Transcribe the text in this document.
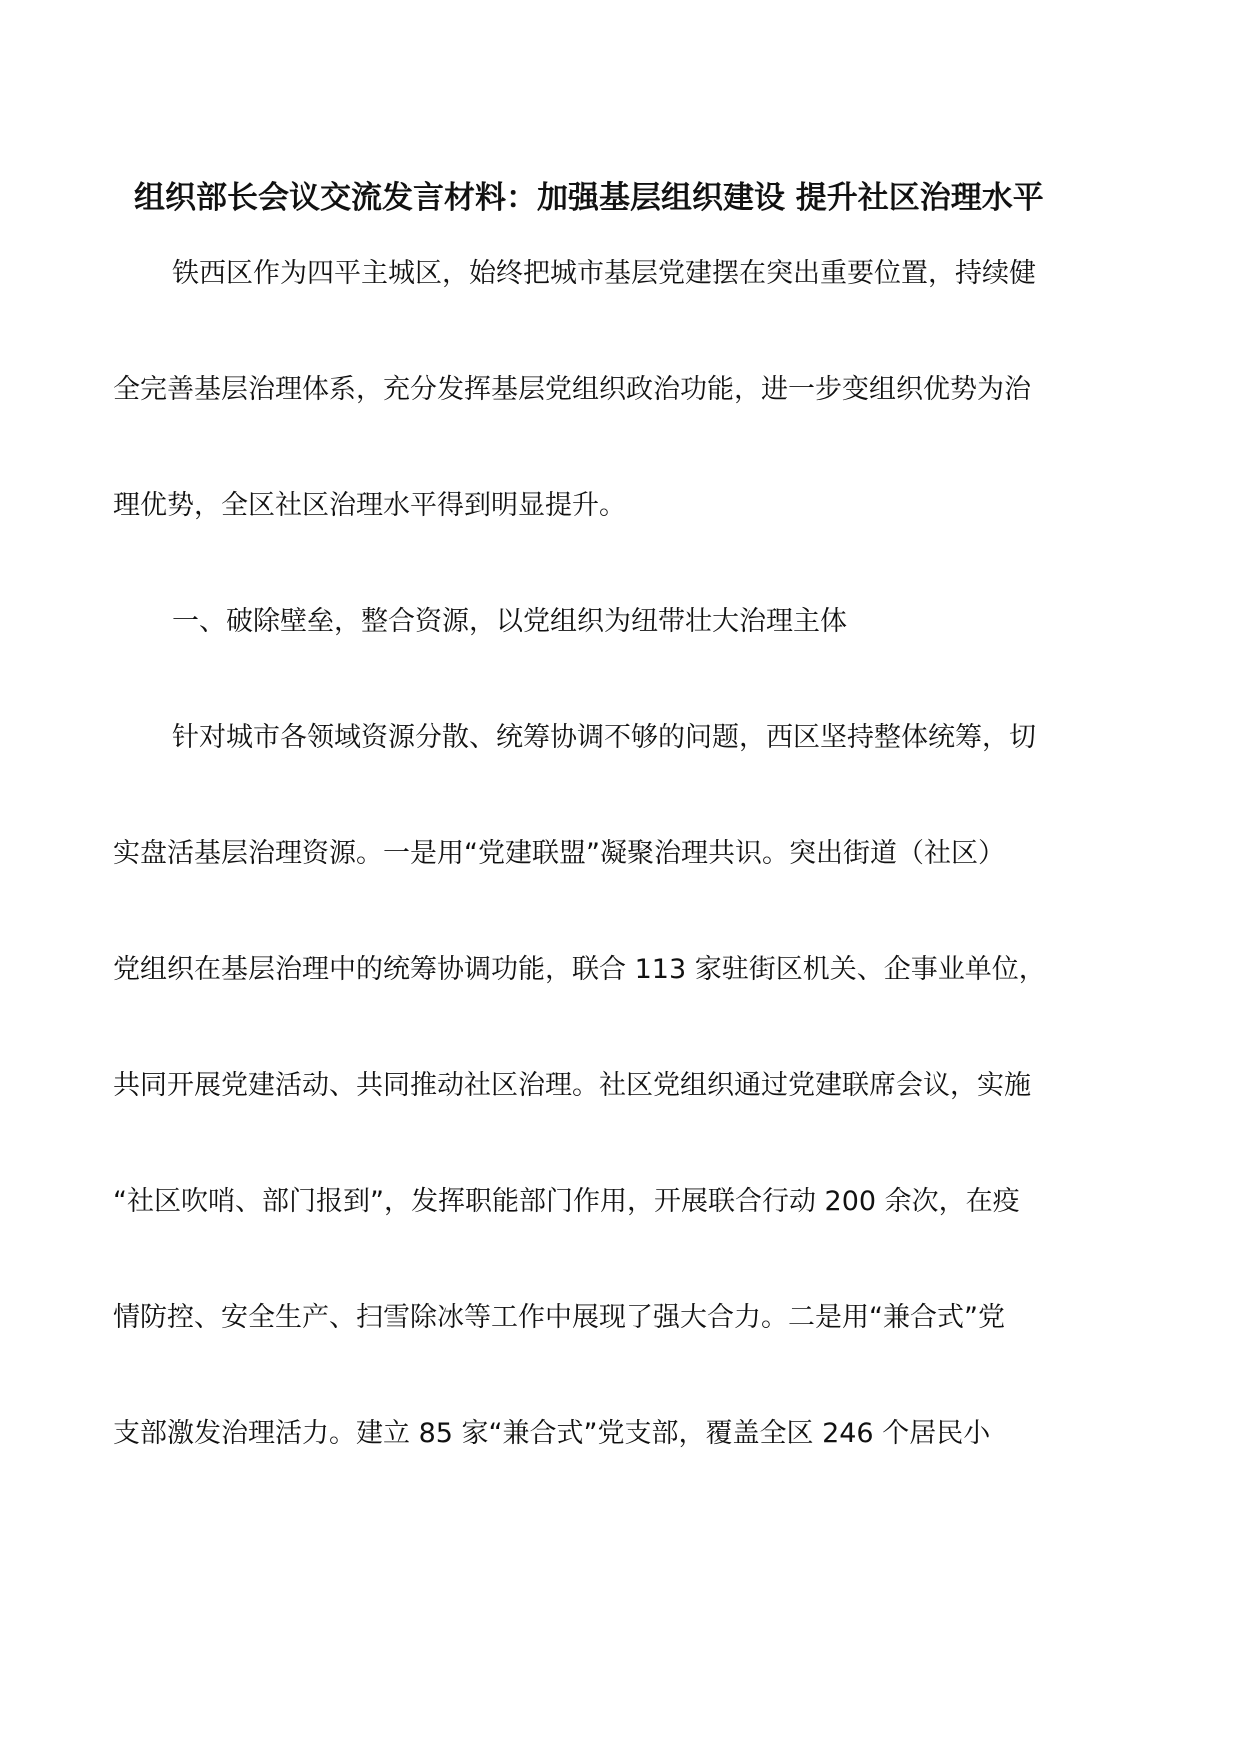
组织部长会议交流发言材料：加强基层组织建设 提升社区治理水平
铁西区作为四平主城区，始终把城市基层党建摆在突出重要位置，持续健
全完善基层治理体系，充分发挥基层党组织政治功能，进一步变组织优势为治
理优势，全区社区治理水平得到明显提升。
一、破除壁垒，整合资源，以党组织为纽带壮大治理主体
针对城市各领域资源分散、统筹协调不够的问题，西区坚持整体统筹，切
实盘活基层治理资源。一是用“党建联盟”凝聚治理共识。突出街道（社区）
党组织在基层治理中的统筹协调功能，联合 113 家驻街区机关、企事业单位，
共同开展党建活动、共同推动社区治理。社区党组织通过党建联席会议，实施
“社区吹哨、部门报到”，发挥职能部门作用，开展联合行动 200 余次，在疫
情防控、安全生产、扫雪除冰等工作中展现了强大合力。二是用“兼合式”党
支部激发治理活力。建立 85 家“兼合式”党支部，覆盖全区 246 个居民小
